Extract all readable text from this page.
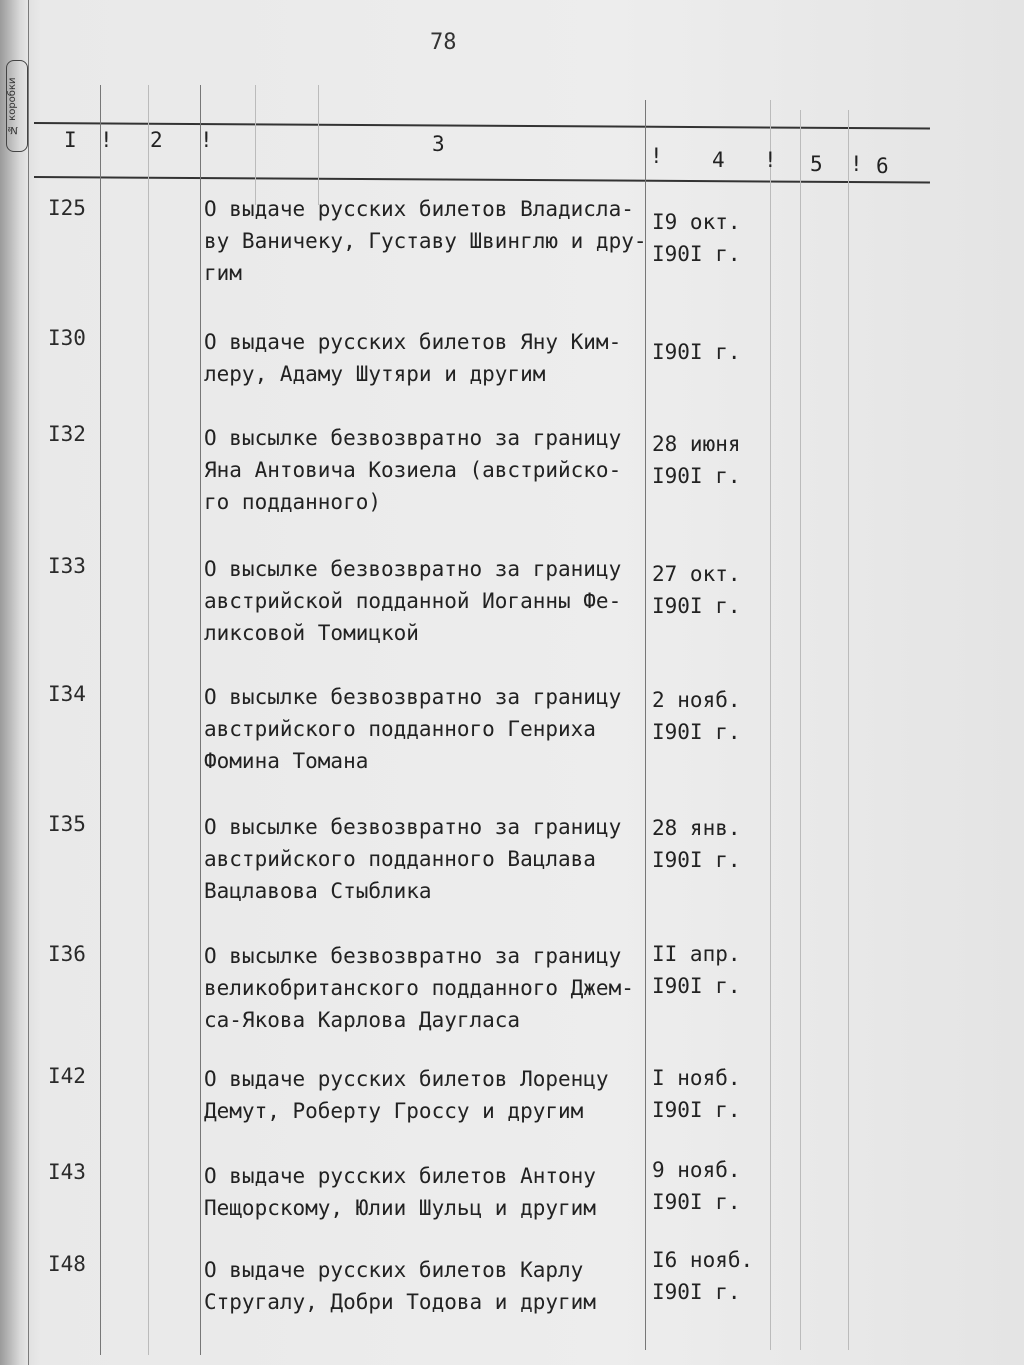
№ коробки
78
I ! 2 !	3	! 4 ! 5 ! 6
I25	О выдаче русских билетов Владисла-
ву Ваничеку, Густаву Швинглю и дру-
гим
I9 окт.
I90I г.
I30	О выдаче русских билетов Яну Ким-
леру, Адаму Шутяри и другим
I90I г.
I32	О высылке безвозвратно за границу
Яна Антовича Козиела (австрийско-
го подданного)
28 июня
I90I г.
I33	О высылке безвозвратно за границу
австрийской подданной Иоганны Фе-
ликсовой Томицкой
27 окт.
I90I г.
I34	О высылке безвозвратно за границу
австрийского подданного Генриха
Фомина Томана
2 нояб.
I90I г.
I35	О высылке безвозвратно за границу
австрийского подданного Вацлава
Вацлавова Стыблика
28 янв.
I90I г.
I36	О высылке безвозвратно за границу
великобританского подданного Джем-
са-Якова Карлова Даугласа
II апр.
I90I г.
I42	О выдаче русских билетов Лоренцу
Демут, Роберту Гроссу и другим
I нояб.
I90I г.
I43	О выдаче русских билетов Антону
Пещорскому, Юлии Шульц и другим
9 нояб.
I90I г.
I48	О выдаче русских билетов Карлу
Стругалу, Добри Тодова и другим
I6 нояб.
I90I г.
